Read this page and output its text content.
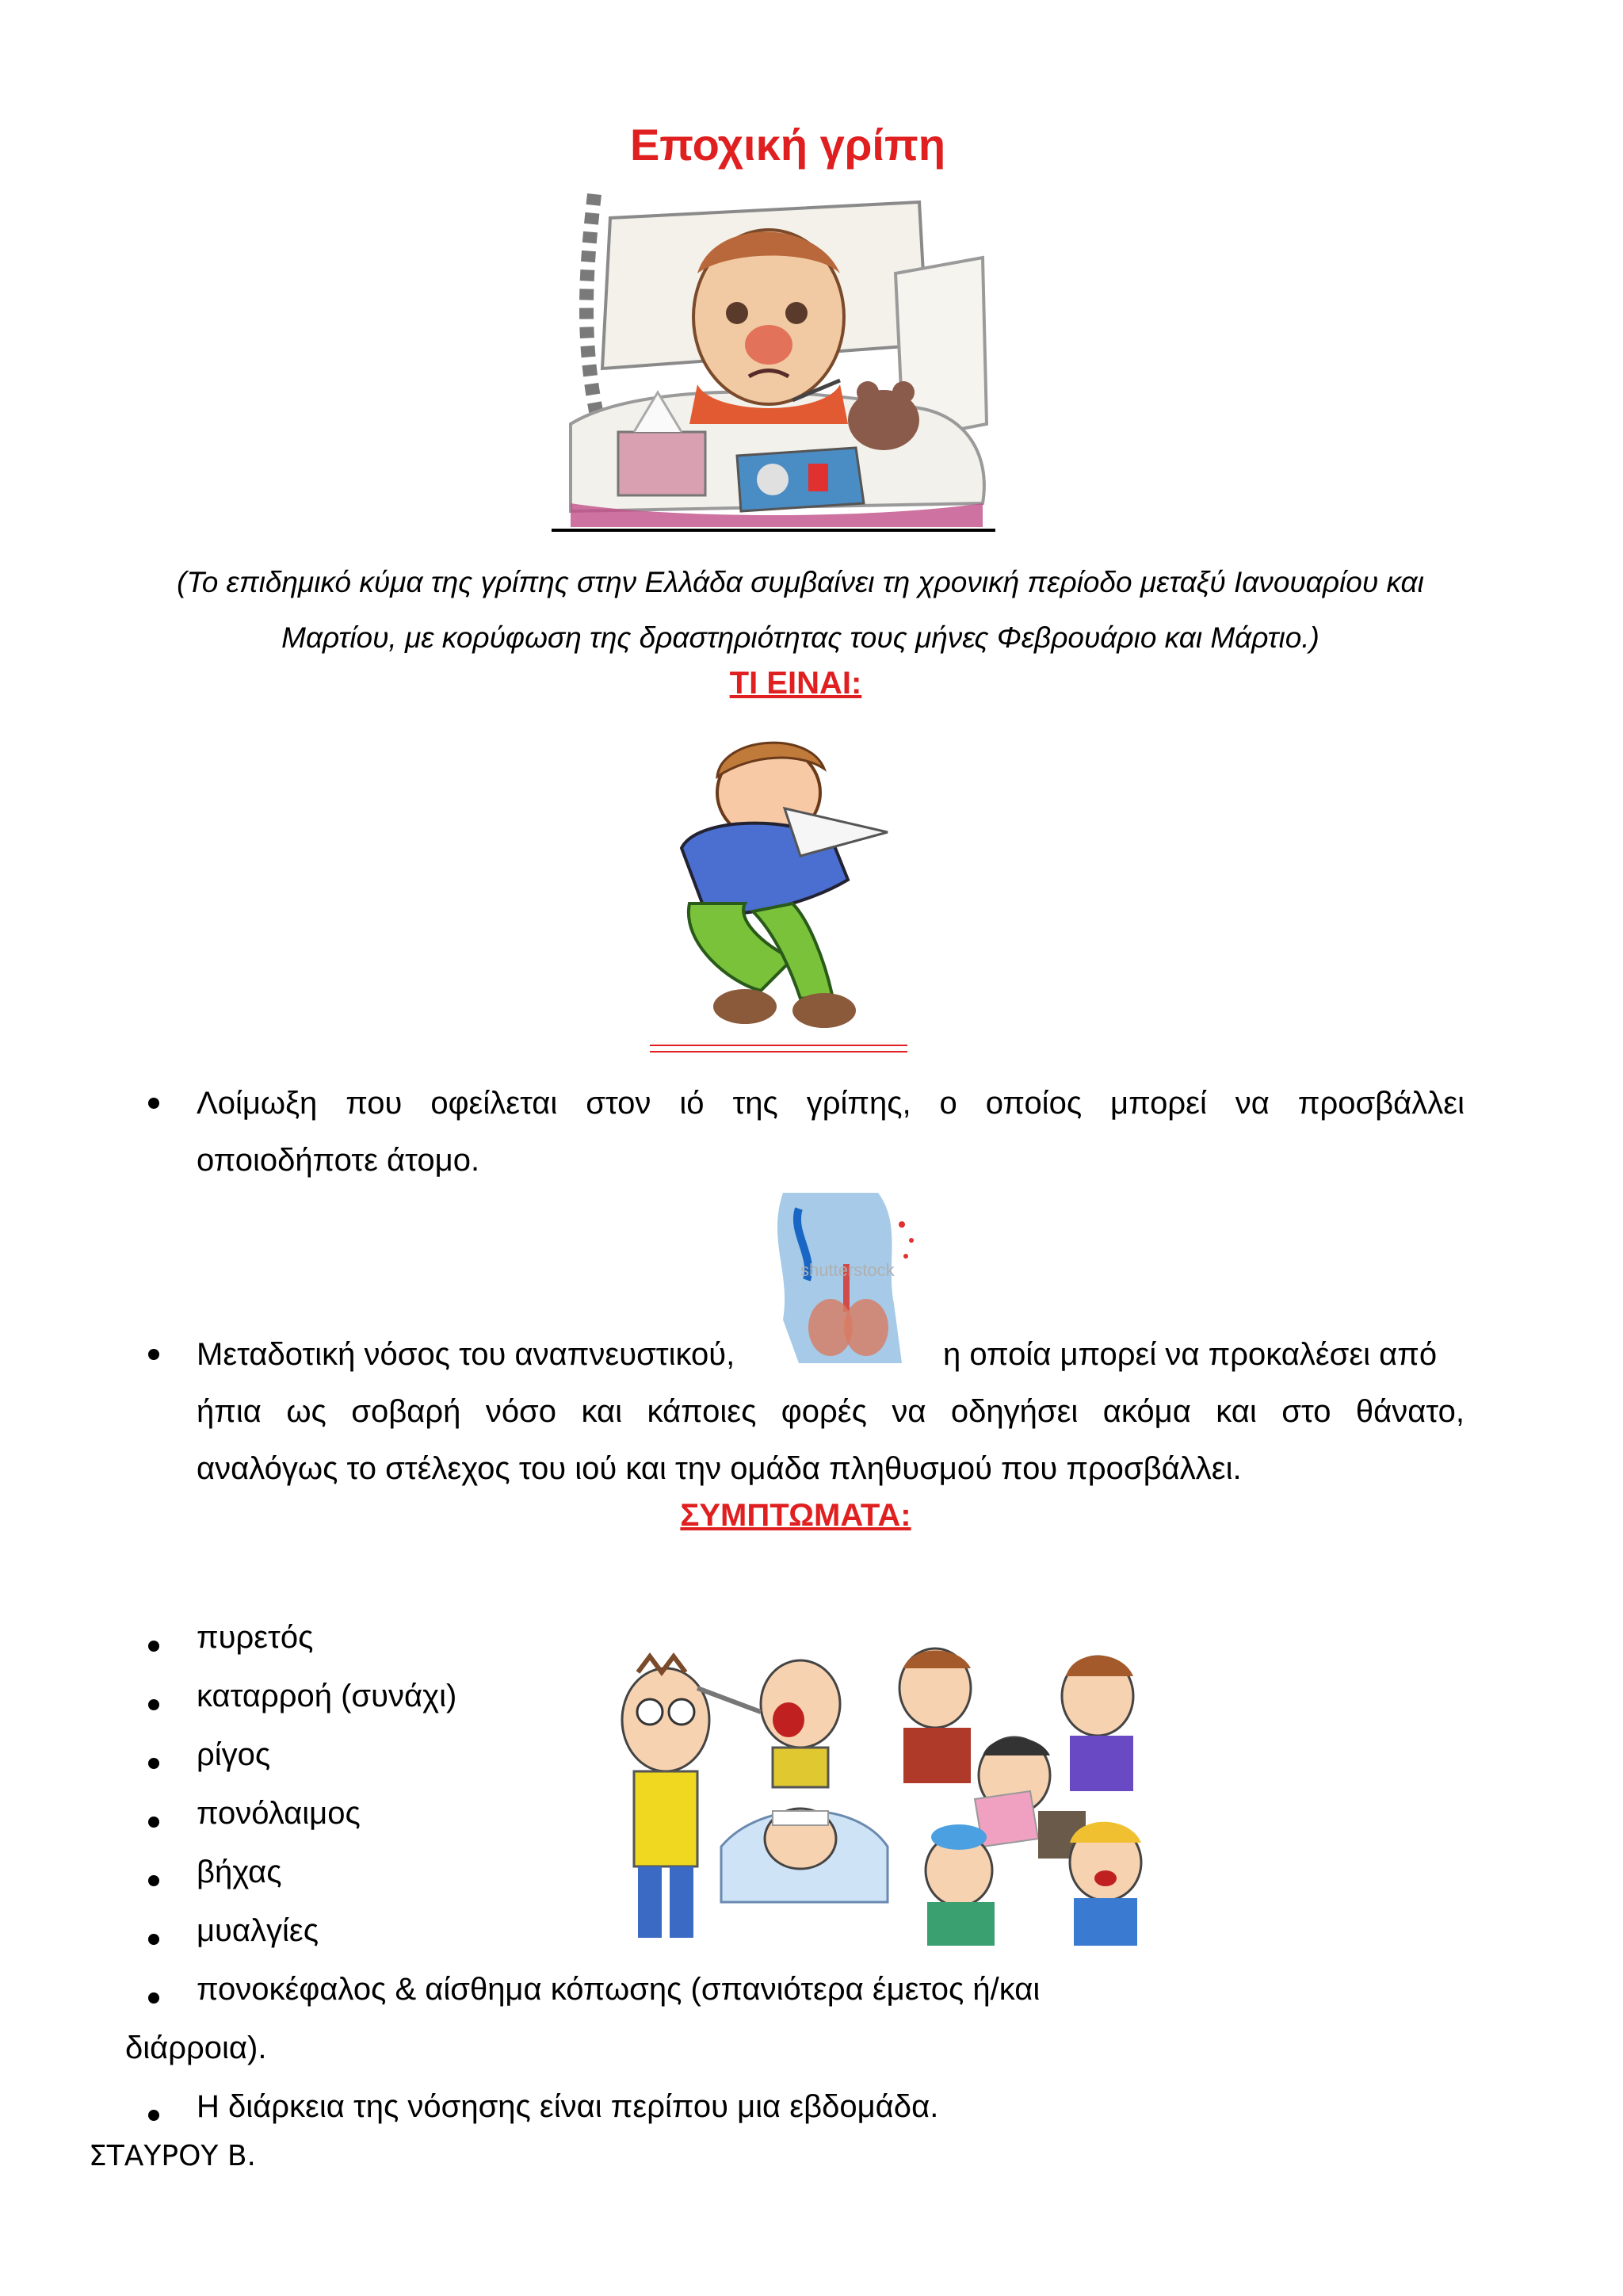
Εποχική γρίπη
(Το επιδημικό κύμα της γρίπης στην Ελλάδα συμβαίνει τη χρονική περίοδο μεταξύ Ιανουαρίου και
Μαρτίου, με κορύφωση της δραστηριότητας τους μήνες Φεβρουάριο και Μάρτιο.)
ΤΙ ΕΙΝΑΙ:
Λοίμωξη που οφείλεται στον ιό της γρίπης, ο οποίος μπορεί να προσβάλλει
οποιοδήποτε άτομο.
shutterstock
Μεταδοτική νόσος του αναπνευστικού,	η οποία μπορεί να προκαλέσει από
ήπια ως σοβαρή νόσο και κάποιες φορές να οδηγήσει ακόμα και στο θάνατο,
αναλόγως το στέλεχος του ιού και την ομάδα πληθυσμού που προσβάλλει.
ΣΥΜΠΤΩΜΑΤΑ:
πυρετός
καταρροή (συνάχι)
ρίγος
πονόλαιμος
βήχας
μυαλγίες
πονοκέφαλος & αίσθημα κόπωσης (σπανιότερα έμετος ή/και
διάρροια).
Η διάρκεια της νόσησης είναι περίπου μια εβδομάδα.
ΣΤΑΥΡΟΥ Β.
